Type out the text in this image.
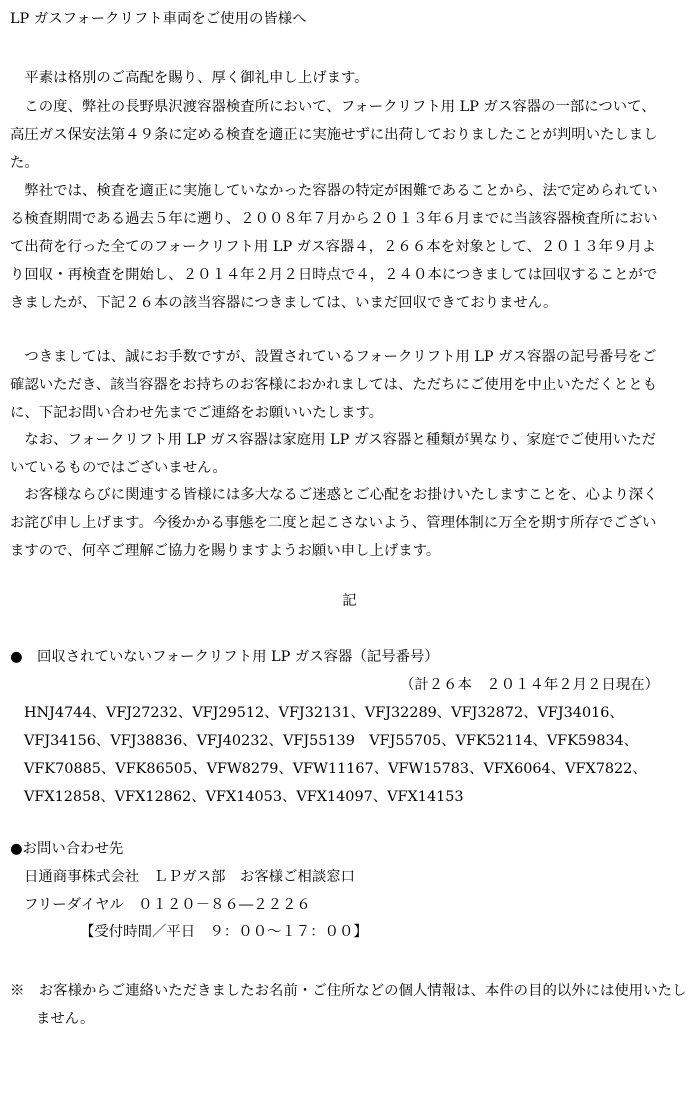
LP ガスフォークリフト車両をご使用の皆様へ
平素は格別のご高配を賜り、厚く御礼申し上げます。
この度、弊社の長野県沢渡容器検査所において、フォークリフト用 LP ガス容器の一部について、高圧ガス保安法第４９条に定める検査を適正に実施せずに出荷しておりましたことが判明いたしました。
弊社では、検査を適正に実施していなかった容器の特定が困難であることから、法で定められている検査期間である過去５年に遡り、２００８年７月から２０１３年６月までに当該容器検査所において出荷を行った全てのフォークリフト用 LP ガス容器４，２６６本を対象として、２０１３年９月より回収・再検査を開始し、２０１４年２月２日時点で４，２４０本につきましては回収することができましたが、下記２６本の該当容器につきましては、いまだ回収できておりません。
つきましては、誠にお手数ですが、設置されているフォークリフト用 LP ガス容器の記号番号をご確認いただき、該当容器をお持ちのお客様におかれましては、ただちにご使用を中止いただくとともに、下記お問い合わせ先までご連絡をお願いいたします。
なお、フォークリフト用 LP ガス容器は家庭用 LP ガス容器と種類が異なり、家庭でご使用いただいているものではございません。
お客様ならびに関連する皆様には多大なるご迷惑とご心配をお掛けいたしますことを、心より深くお詫び申し上げます。今後かかる事態を二度と起こさないよう、管理体制に万全を期す所存でございますので、何卒ご理解ご協力を賜りますようお願い申し上げます。
記
●　回収されていないフォークリフト用 LP ガス容器（記号番号）
（計２６本　２０１４年２月２日現在）
HNJ4744、VFJ27232、VFJ29512、VFJ32131、VFJ32289、VFJ32872、VFJ34016、VFJ34156、VFJ38836、VFJ40232、VFJ55139　VFJ55705、VFK52114、VFK59834、VFK70885、VFK86505、VFW8279、VFW11167、VFW15783、VFX6064、VFX7822、VFX12858、VFX12862、VFX14053、VFX14097、VFX14153
●お問い合わせ先
日通商事株式会社　ＬＰガス部　お客様ご相談窓口
フリーダイヤル　０１２０－８６―２２２６
【受付時間／平日　９：００～１７：００】
※　お客様からご連絡いただきましたお名前・ご住所などの個人情報は、本件の目的以外には使用いたしません。
